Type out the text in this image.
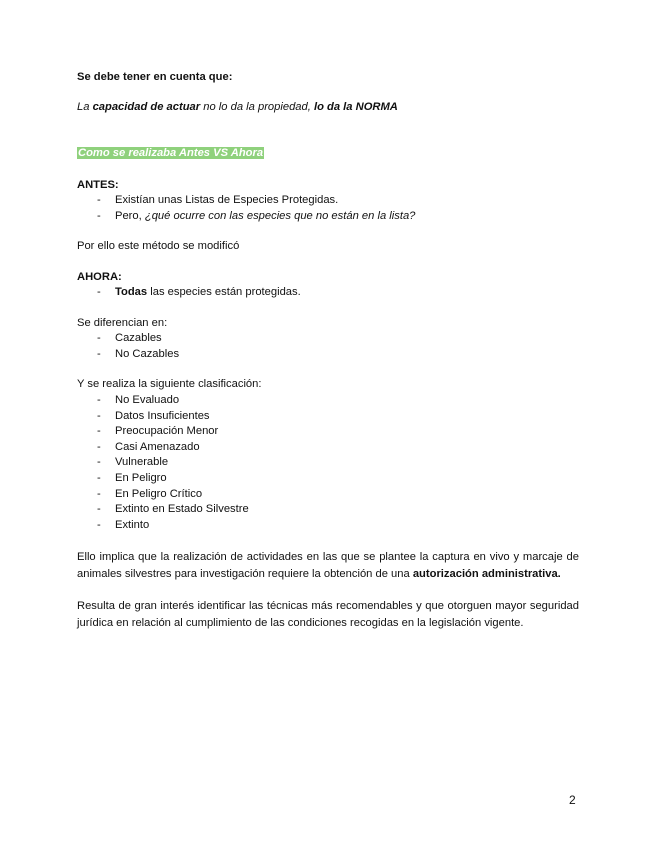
Se debe tener en cuenta que:

La capacidad de actuar no lo da la propiedad, lo da la NORMA

Como se realizaba Antes VS Ahora

ANTES:

- Existían unas Listas de Especies Protegidas.
- Pero, ¿qué ocurre con las especies que no están en la lista?

Por ello este método se modificó

AHORA:

- Todas las especies están protegidas.

Se diferencian en:

- Cazables
- No Cazables

Y se realiza la siguiente clasificación:

- No Evaluado
- Datos Insuficientes
- Preocupación Menor
- Casi Amenazado
- Vulnerable
- En Peligro
- En Peligro Crítico
- Extinto en Estado Silvestre
- Extinto

Ello implica que la realización de actividades en las que se plantee la captura en vivo y marcaje de animales silvestres para investigación requiere la obtención de una autorización administrativa.

Resulta de gran interés identificar las técnicas más recomendables y que otorguen mayor seguridad jurídica en relación al cumplimiento de las condiciones recogidas en la legislación vigente.

2
